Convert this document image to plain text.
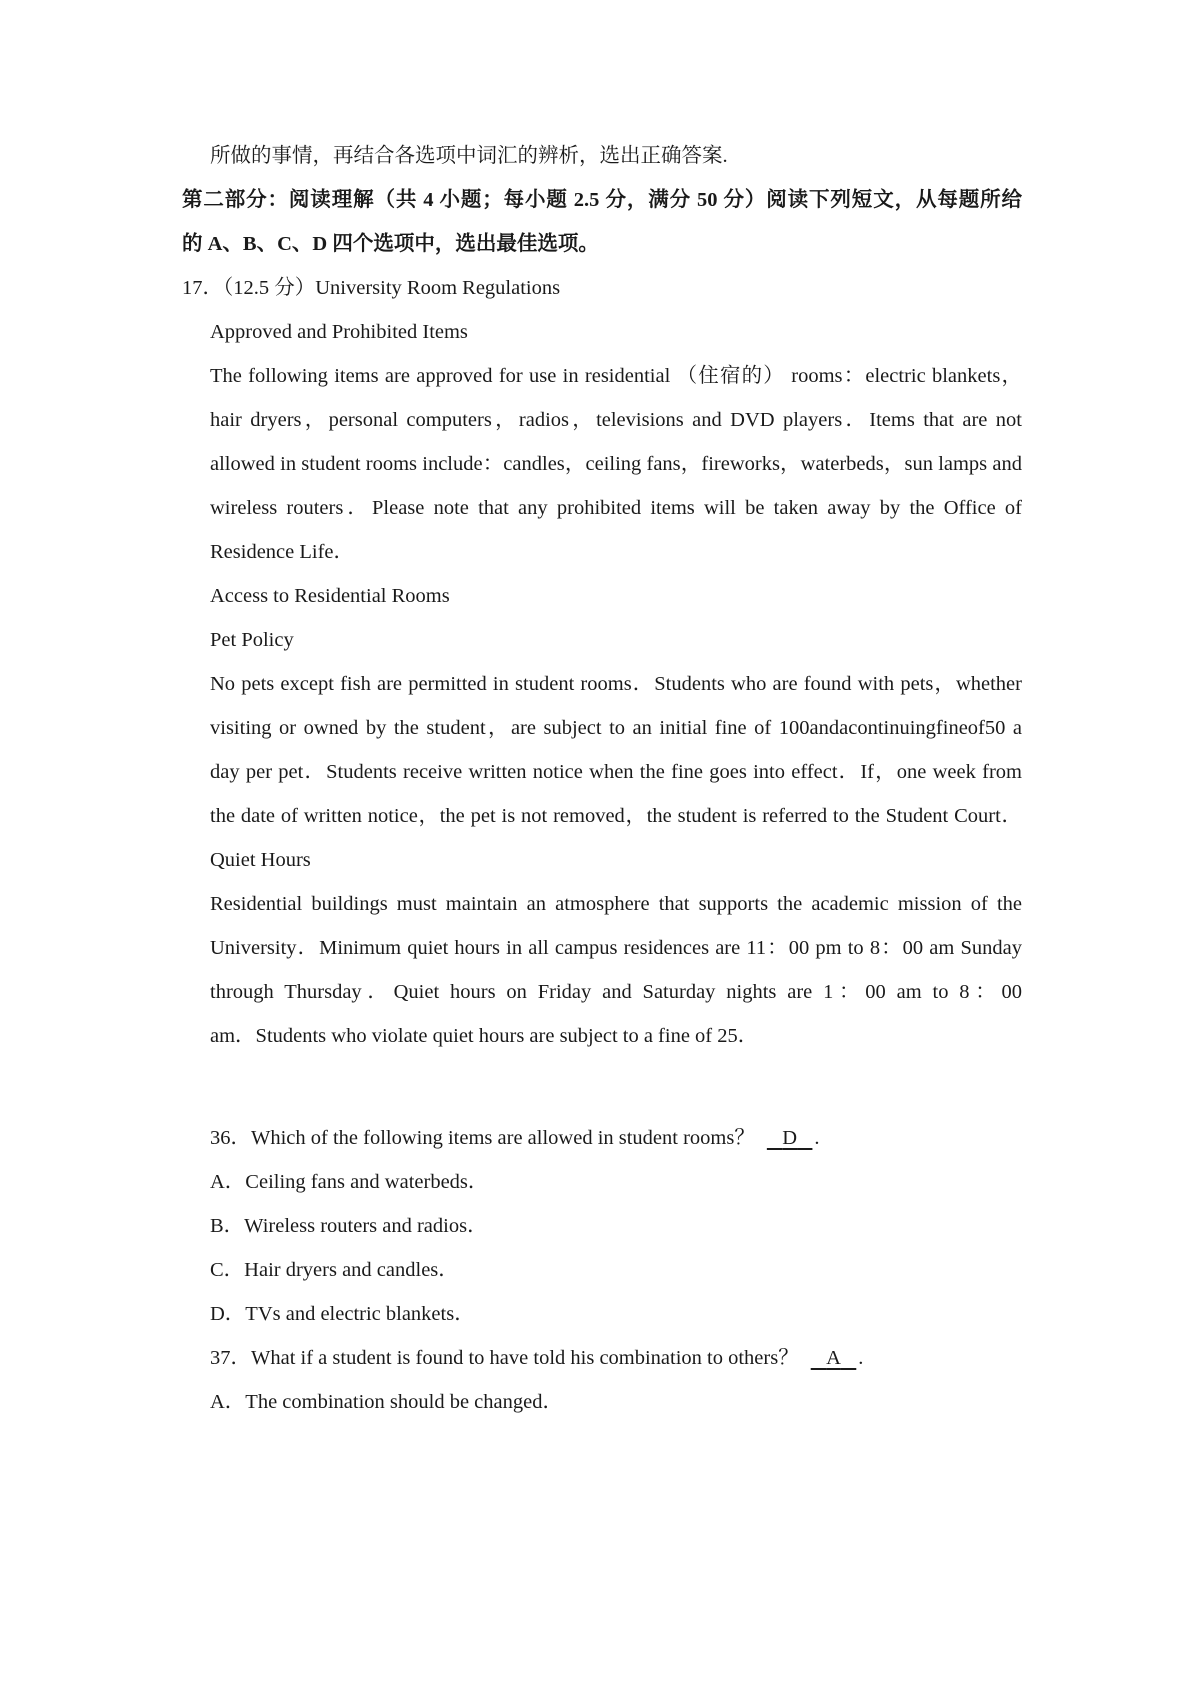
所做的事情，再结合各选项中词汇的辨析，选出正确答案.
第二部分：阅读理解（共 4 小题；每小题 2.5 分，满分 50 分）阅读下列短文，从每题所给
的 A、B、C、D 四个选项中，选出最佳选项。
17．（12.5 分）University Room Regulations
Approved and Prohibited Items
The following items are approved for use in residential （住宿的） rooms：electric blankets，
hair dryers，personal computers，radios，televisions and DVD players．Items that are not
allowed in student rooms include：candles，ceiling fans，fireworks，waterbeds，sun lamps and
wireless routers．Please note that any prohibited items will be taken away by the Office of
Residence Life．
Access to Residential Rooms
Pet Policy
No pets except fish are permitted in student rooms．Students who are found with pets，whether
visiting or owned by the student，are subject to an initial fine of 100andacontinuingfineof50 a
day per pet．Students receive written notice when the fine goes into effect．If，one week from
the date of written notice，the pet is not removed，the student is referred to the Student Court．
Quiet Hours
Residential buildings must maintain an atmosphere that supports the academic mission of the
University．Minimum quiet hours in all campus residences are 11：00 pm to 8：00 am Sunday
through Thursday．Quiet hours on Friday and Saturday nights are 1：00 am to 8：00
am．Students who violate quiet hours are subject to a fine of 25．
36．Which of the following items are allowed in student rooms？ D .
A．Ceiling fans and waterbeds．
B．Wireless routers and radios．
C．Hair dryers and candles．
D．TVs and electric blankets．
37．What if a student is found to have told his combination to others？ A .
A．The combination should be changed．
